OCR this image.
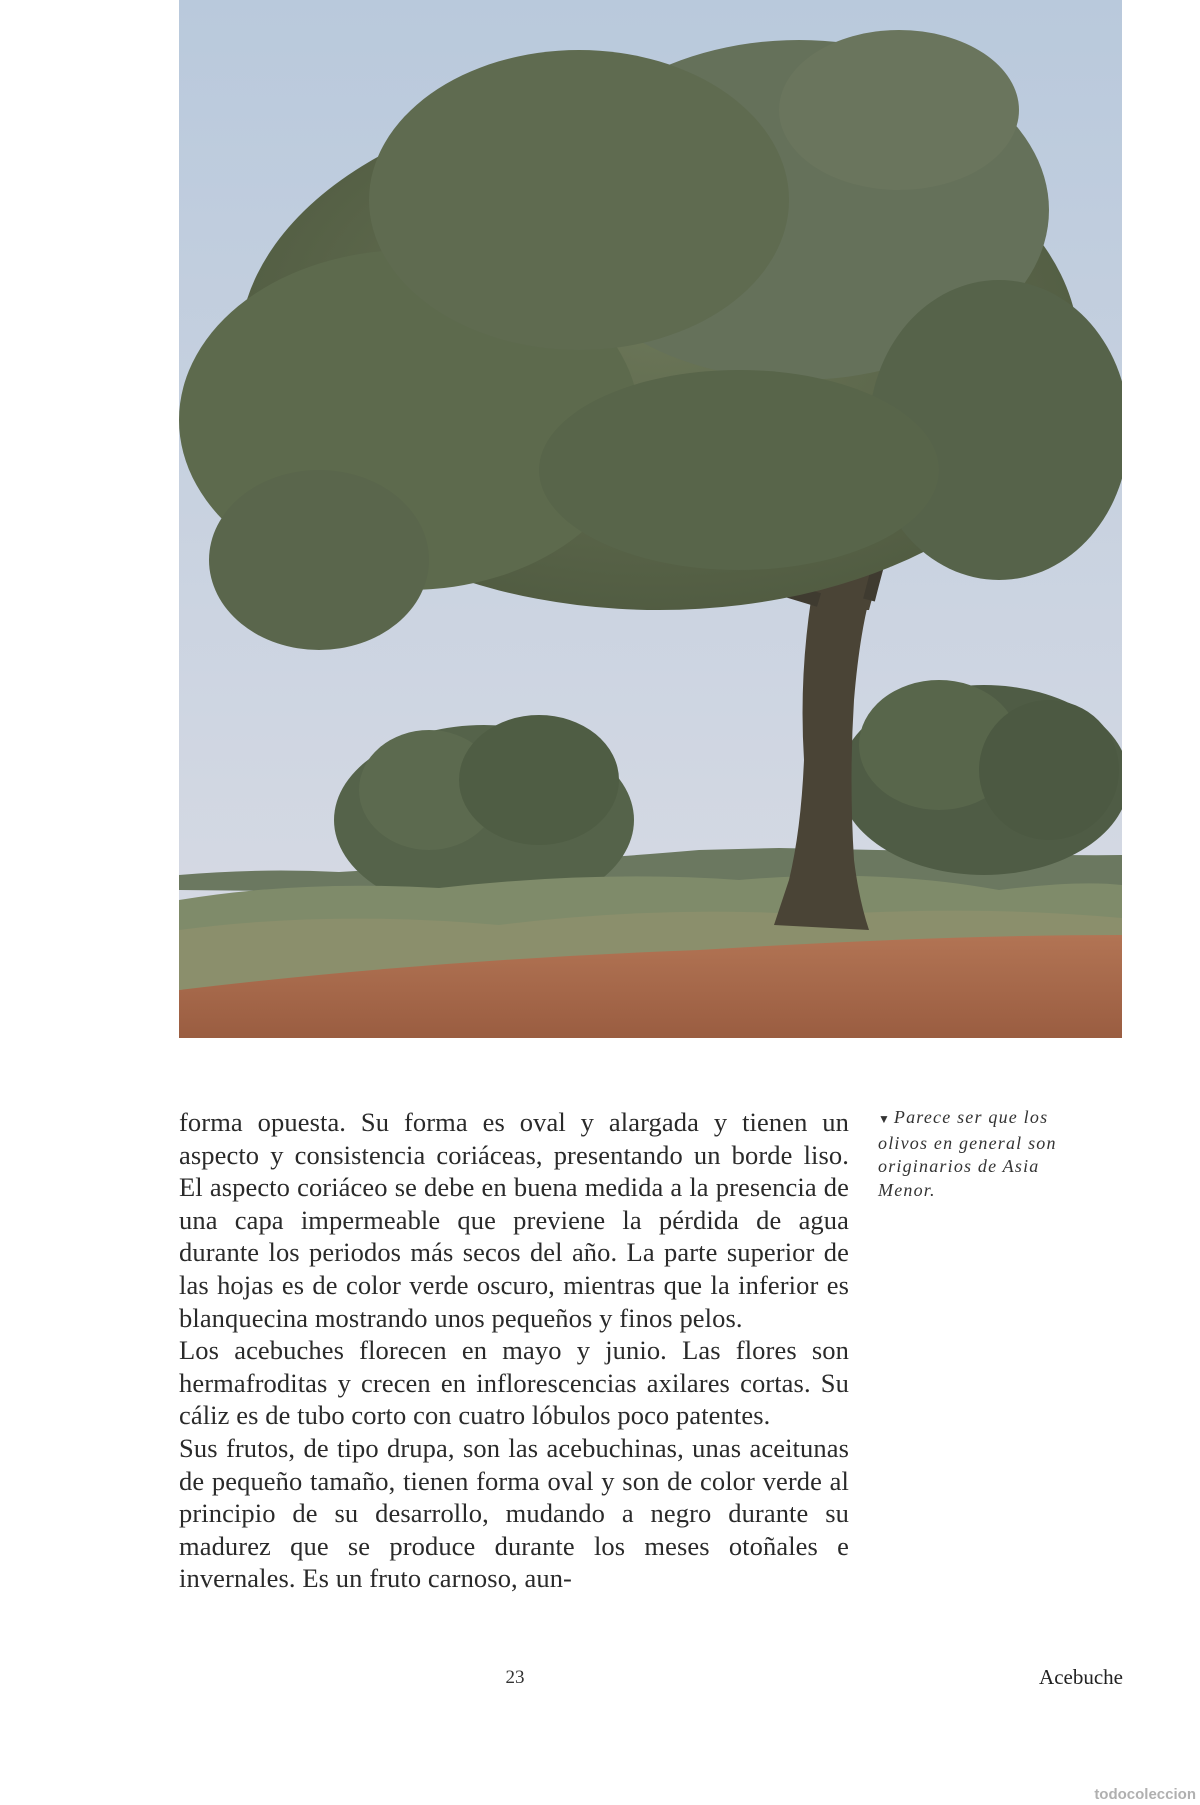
forma opuesta. Su forma es oval y alargada y tienen un aspecto y consistencia coriáceas, presentando un borde liso. El aspecto coriáceo se debe en buena medida a la presencia de una capa impermeable que previene la pérdida de agua durante los periodos más secos del año. La parte superior de las hojas es de color verde oscuro, mientras que la inferior es blanquecina mostrando unos pequeños y finos pelos.

Los acebuches florecen en mayo y junio. Las flores son hermafroditas y crecen en inflorescencias axilares cortas. Su cáliz es de tubo corto con cuatro lóbulos poco patentes.

Sus frutos, de tipo drupa, son las acebuchinas, unas aceitunas de pequeño tamaño, tienen forma oval y son de color verde al principio de su desarrollo, mudando a negro durante su madurez que se produce durante los meses otoñales e invernales. Es un fruto carnoso, aun-

▼ Parece ser que los olivos en general son originarios de Asia Menor.
23	Acebuche
todocoleccion
